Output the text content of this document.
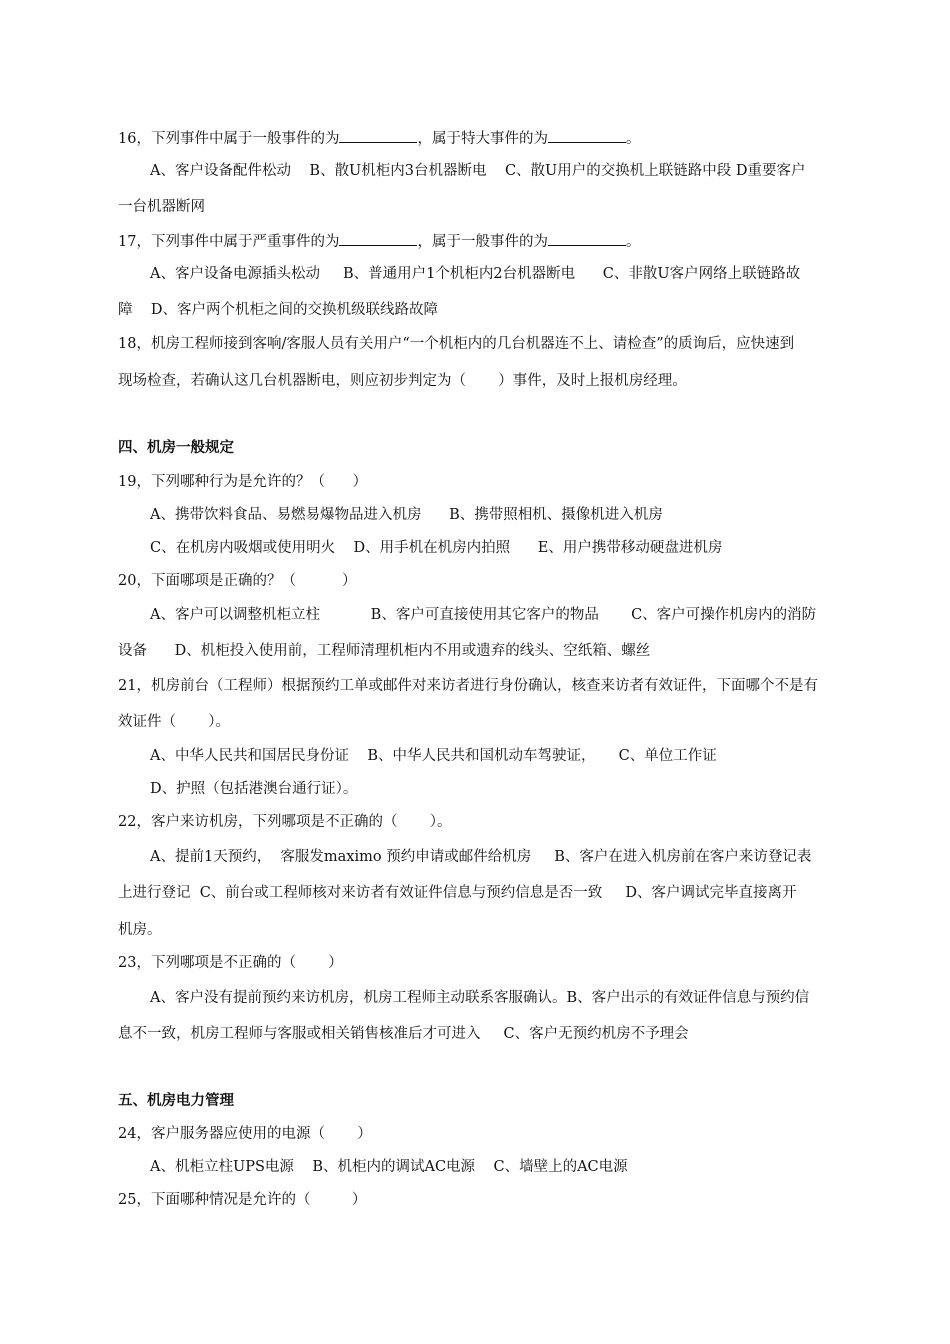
16，下列事件中属于一般事件的为	，属于特大事件的为	。
A、客户设备配件松动    B、散U机柜内3台机器断电    C、散U用户的交换机上联链路中段 D重要客户
一台机器断网
17，下列事件中属于严重事件的为	，属于一般事件的为	。
A、客户设备电源插头松动     B、普通用户1个机柜内2台机器断电      C、非散U客户网络上联链路故
障    D、客户两个机柜之间的交换机级联线路故障
18，机房工程师接到客响/客服人员有关用户“一个机柜内的几台机器连不上、请检查”的质询后，应快速到
现场检查，若确认这几台机器断电，则应初步判定为（       ）事件，及时上报机房经理。
四、机房一般规定
19，下列哪种行为是允许的？（      ）
A、携带饮料食品、易燃易爆物品进入机房      B、携带照相机、摄像机进入机房
C、在机房内吸烟或使用明火    D、用手机在机房内拍照      E、用户携带移动硬盘进机房
20，下面哪项是正确的？（          ）
A、客户可以调整机柜立柱           B、客户可直接使用其它客户的物品       C、客户可操作机房内的消防
设备      D、机柜投入使用前，工程师清理机柜内不用或遗弃的线头、空纸箱、螺丝
21，机房前台（工程师）根据预约工单或邮件对来访者进行身份确认，核查来访者有效证件，下面哪个不是有
效证件（       ）。
A、中华人民共和国居民身份证    B、中华人民共和国机动车驾驶证，     C、单位工作证
D、护照（包括港澳台通行证）。
22，客户来访机房，下列哪项是不正确的（       ）。
A、提前1天预约，  客服发maximo 预约申请或邮件给机房     B、客户在进入机房前在客户来访登记表
上进行登记  C、前台或工程师核对来访者有效证件信息与预约信息是否一致     D、客户调试完毕直接离开
机房。
23，下列哪项是不正确的（       ）
A、客户没有提前预约来访机房，机房工程师主动联系客服确认。B、客户出示的有效证件信息与预约信
息不一致，机房工程师与客服或相关销售核准后才可进入     C、客户无预约机房不予理会
五、机房电力管理
24，客户服务器应使用的电源（       ）
A、机柜立柱UPS电源    B、机柜内的调试AC电源    C、墙壁上的AC电源
25，下面哪种情况是允许的（         ）
